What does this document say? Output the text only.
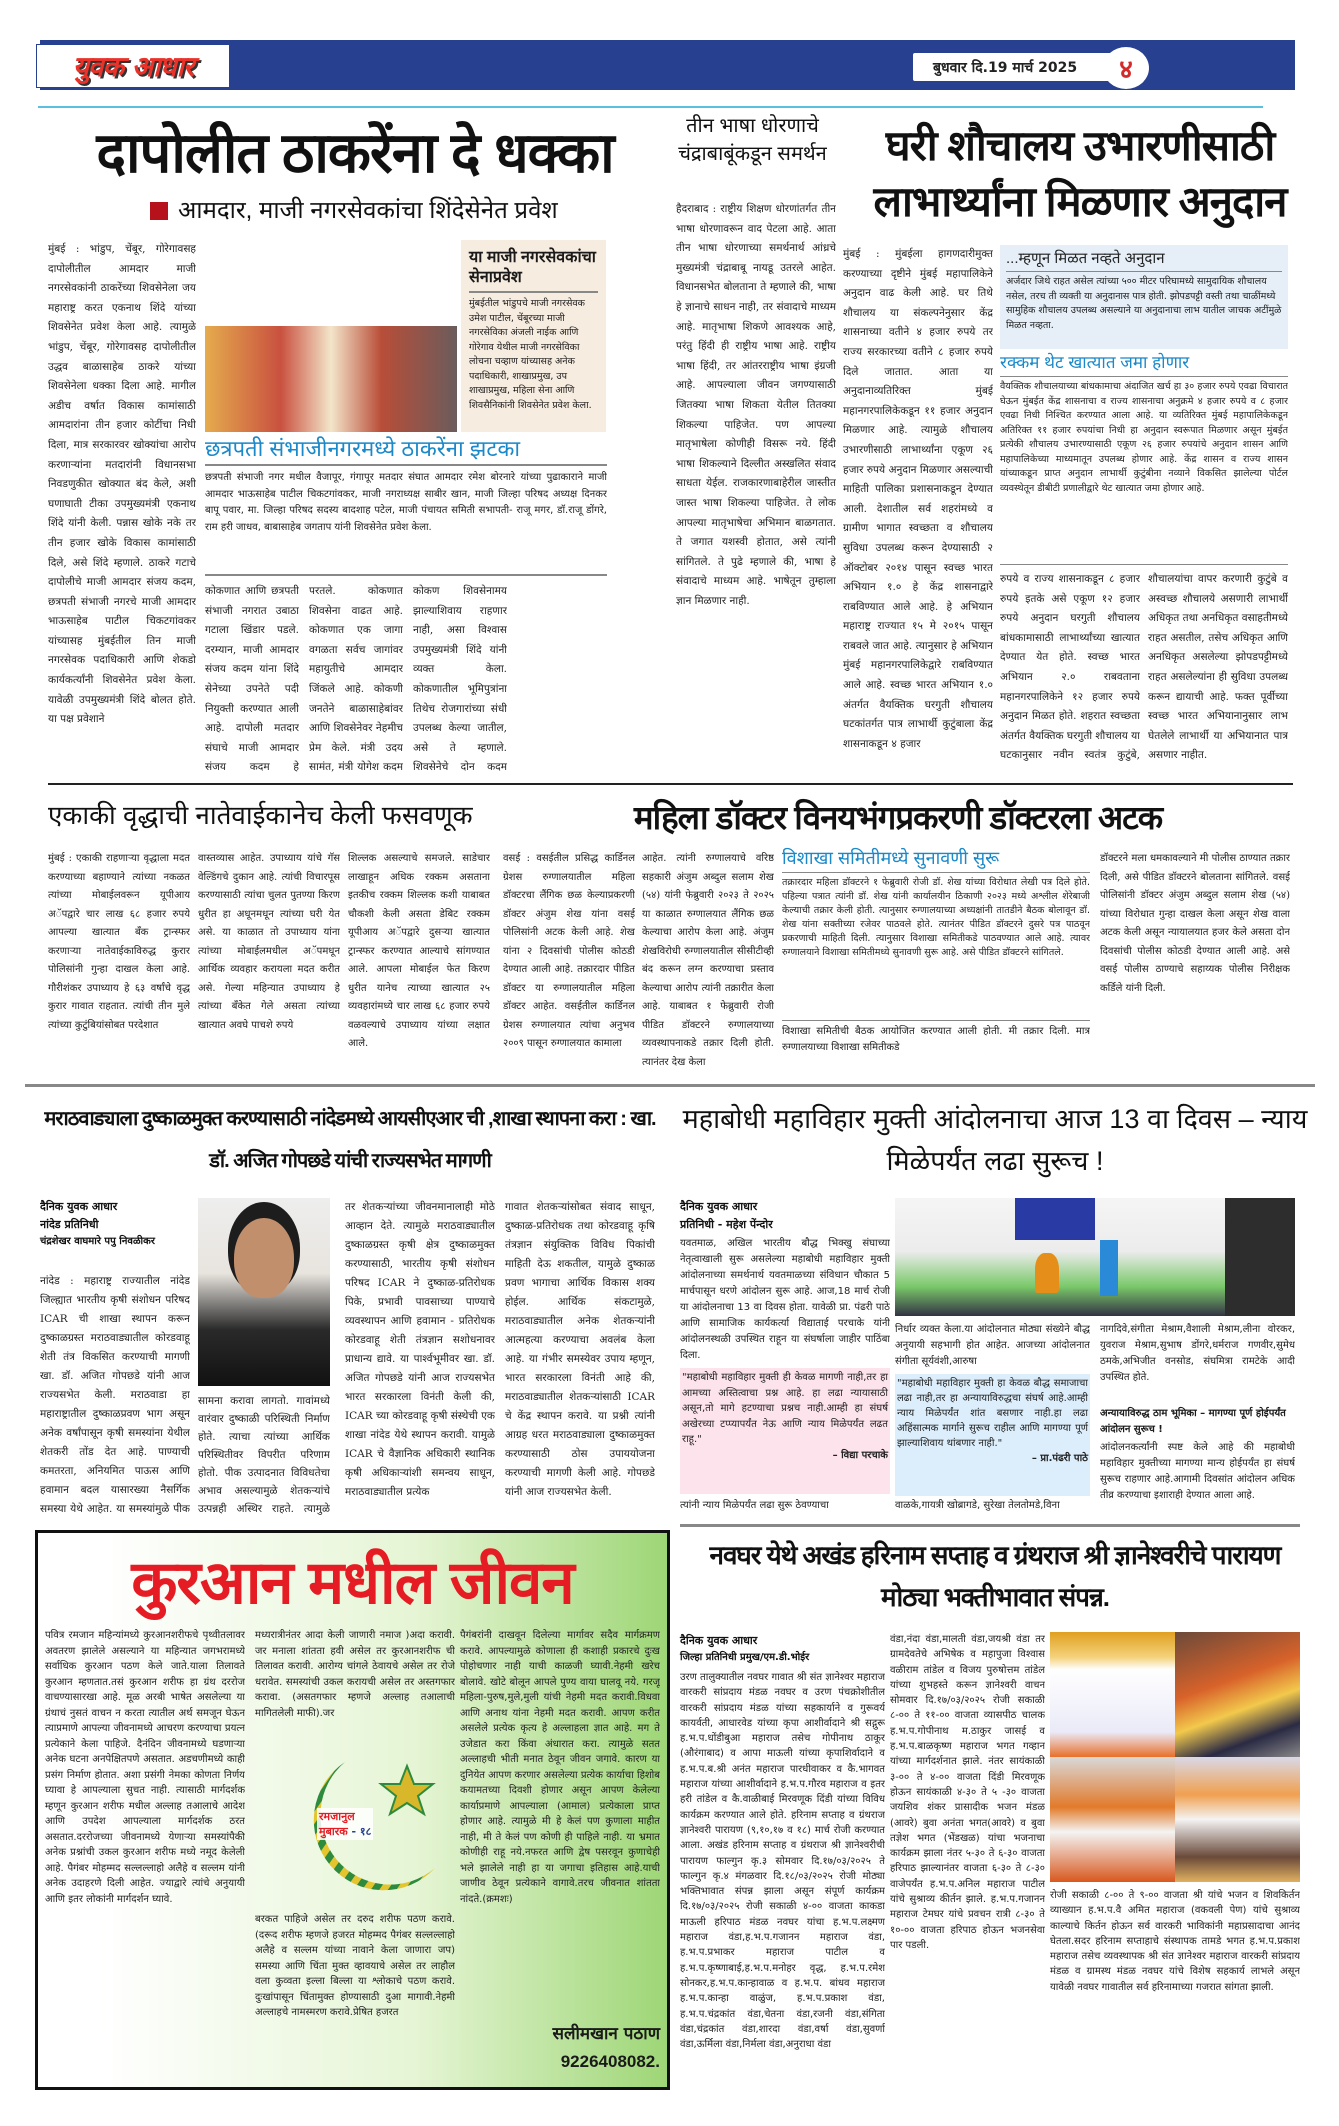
युवक आधार	बुधवार दि.19 मार्च 2025 ४
दापोलीत ठाकरेंना दे धक्का
आमदार, माजी नगरसेवकांचा शिंदेसेनेत प्रवेश
मुंबई : भांडुप, चेंबूर, गोरेगावसह दापोलीतील आमदार माजी नगरसेवकांनी ठाकरेंच्या शिवसेनेला जय महाराष्ट्र करत एकनाथ शिंदे यांच्या शिवसेनेत प्रवेश केला आहे. त्यामुळे भांडुप, चेंबूर, गोरेगावसह दापोलीतील उद्धव बाळासाहेब ठाकरे यांच्या शिवसेनेला धक्का दिला आहे. मागील अडीच वर्षात विकास कामांसाठी आमदारांना तीन हजार कोटींचा निधी दिला, मात्र सरकारवर खोक्यांचा आरोप करणाऱ्यांना मतदारांनी विधानसभा निवडणुकीत खोक्यात बंद केले, अशी घणाघाती टीका उपमुख्यमंत्री एकनाथ शिंदे यांनी केली. पन्नास खोके नके तर तीन हजार खोके विकास कामांसाठी दिले, असे शिंदे म्हणाले. ठाकरे गटाचे दापोलीचे माजी आमदार संजय कदम, छत्रपती संभाजी नगरचे माजी आमदार भाऊसाहेब पाटील चिकटगांवकर यांच्यासह मुंबईतील तिन माजी नगरसेवक पदाधिकारी आणि शेकडो कार्यकर्त्यांनी शिवसेनेत प्रवेश केला. यावेळी उपमुख्यमंत्री शिंदे बोलत होते. या पक्ष प्रवेशाने
या माजी नगरसेवकांचा सेनाप्रवेश
मुंबईतील भांडुपचे माजी नगरसेवक उमेश पाटील, चेंबूरच्या माजी नगरसेविका अंजली नाईक आणि गोरेगाव येथील माजी नगरसेविका लोचना चव्हाण यांच्यासह अनेक पदाधिकारी, शाखाप्रमुख, उप शाखाप्रमुख, महिला सेना आणि शिवसैनिकांनी शिवसेनेत प्रवेश केला.
छत्रपती संभाजीनगरमध्ये ठाकरेंना झटका
छत्रपती संभाजी नगर मधील वैजापूर, गंगापूर मतदार संघात आमदार रमेश बोरनारे यांच्या पुढाकाराने माजी आमदार भाऊसाहेब पाटील चिकटगांवकर, माजी नगराध्यक्ष साबीर खान, माजी जिल्हा परिषद अध्यक्ष दिनकर बापू पवार, मा. जिल्हा परिषद सदस्य बादशाह पटेल, माजी पंचायत समिती सभापती- राजू मगर, डॉ.राजू डोंगरे, राम हरी जाधव, बाबासाहेब जगताप यांनी शिवसेनेत प्रवेश केला.
कोकणात आणि छत्रपती संभाजी नगरात उबाठा गटाला खिंडार पडले. दरम्यान, माजी आमदार संजय कदम यांना शिंदे सेनेच्या उपनेते पदी नियुक्ती करण्यात आली आहे. दापोली मतदार संघाचे माजी आमदार संजय कदम हे
परतले. कोकणात शिवसेना वाढत आहे. कोकणात एक जागा वगळता सर्वच जागांवर महायुतीचे आमदार जिंकले आहे. कोकणी जनतेने बाळासाहेबांवर आणि शिवसेनेवर नेहमीच प्रेम केले. मंत्री उदय सामंत, मंत्री योगेश कदम
कोकण शिवसेनामय झाल्याशिवाय राहणार नाही, असा विश्वास उपमुख्यमंत्री शिंदे यांनी व्यक्त केला. कोकणातील भूमिपुत्रांना तिथेच रोजगारांच्या संधी उपलब्ध केल्या जातील, असे ते म्हणाले. शिवसेनेचे दोन कदम
तीन भाषा धोरणाचे चंद्राबाबूंकडून समर्थन
हैदराबाद : राष्ट्रीय शिक्षण धोरणांतर्गत तीन भाषा धोरणावरून वाद पेटला आहे. आता तीन भाषा धोरणाच्या समर्थनार्थ आंध्रचे मुख्यमंत्री चंद्राबाबू नायडू उतरले आहेत. विधानसभेत बोलताना ते म्हणाले की, भाषा हे ज्ञानाचे साधन नाही, तर संवादाचे माध्यम आहे. मातृभाषा शिकणे आवश्यक आहे, परंतु हिंदी ही राष्ट्रीय भाषा आहे. राष्ट्रीय भाषा हिंदी, तर आंतरराष्ट्रीय भाषा इंग्रजी आहे. आपल्याला जीवन जगण्यासाठी जितक्या भाषा शिकता येतील तितक्या शिकल्या पाहिजेत. पण आपल्या मातृभाषेला कोणीही विसरू नये. हिंदी भाषा शिकल्याने दिल्लीत अस्खलित संवाद साधता येईल. राजकारणाबाहेरील जास्तीत जास्त भाषा शिकल्या पाहिजेत. ते लोक आपल्या मातृभाषेचा अभिमान बाळगतात. ते जगात यशस्वी होतात, असे त्यांनी सांगितले. ते पुढे म्हणाले की, भाषा हे संवादाचे माध्यम आहे. भाषेतून तुम्हाला ज्ञान मिळणार नाही.
घरी शौचालय उभारणीसाठी लाभार्थ्यांना मिळणार अनुदान
मुंबई : मुंबईला हागणदारीमुक्त करण्याच्या दृष्टीने मुंबई महापालिकेने अनुदान वाढ केली आहे. घर तिथे शौचालय या संकल्पनेनुसार केंद्र शासनाच्या वतीने ४ हजार रुपये तर राज्य सरकारच्या वतीने ८ हजार रुपये दिले जातात. आता या अनुदानाव्यतिरिक्त मुंबई महानगरपालिकेकडून ११ हजार अनुदान मिळणार आहे. त्यामुळे शौचालय उभारणीसाठी लाभार्थ्यांना एकूण २६ हजार रुपये अनुदान मिळणार असल्याची माहिती पालिका प्रशासनाकडून देण्यात आली. देशातील सर्व शहरांमध्ये व ग्रामीण भागात स्वच्छता व शौचालय सुविधा उपलब्ध करून देण्यासाठी २ ऑक्टोबर २०१४ पासून स्वच्छ भारत अभियान १.० हे केंद्र शासनाद्वारे राबविण्यात आले आहे. हे अभियान महाराष्ट्र राज्यात १५ मे २०१५ पासून राबवले जात आहे. त्यानुसार हे अभियान मुंबई महानगरपालिकेद्वारे राबविण्यात आले आहे. स्वच्छ भारत अभियान १.० अंतर्गत वैयक्तिक घरगुती शौचालय घटकांतर्गत पात्र लाभार्थी कुटुंबाला केंद्र शासनाकडून ४ हजार
...म्हणून मिळत नव्हते अनुदान
अर्जदार जिथे राहत असेल त्यांच्या ५०० मीटर परिघामध्ये सामुदायिक शौचालय नसेल, तरच ती व्यक्ती या अनुदानास पात्र होती. झोपडपट्टी वस्ती तथा चाळींमध्ये सामुहिक शौचालय उपलब्ध असल्याने या अनुदानाचा लाभ यातील जाचक अटींमुळे मिळत नव्हता.
रक्कम थेट खात्यात जमा होणार
वैयक्तिक शौचालयाच्या बांधकामाचा अंदाजित खर्च हा ३० हजार रुपये एवढा विचारात घेऊन मुंबईत केंद्र शासनाचा व राज्य शासनाचा अनुक्रमे ४ हजार रुपये व ८ हजार एवढा निधी निश्चित करण्यात आला आहे. या व्यतिरिक्त मुंबई महापालिकेकडून अतिरिक्त ११ हजार रुपयांचा निधी हा अनुदान स्वरूपात मिळणार असून मुंबईत प्रत्येकी शौचालय उभारण्यासाठी एकूण २६ हजार रुपयांचे अनुदान शासन आणि महापालिकेच्या माध्यमातून उपलब्ध होणार आहे. केंद्र शासन व राज्य शासन यांच्याकडून प्राप्त अनुदान लाभार्थी कुटुंबीना नव्याने विकसित झालेल्या पोर्टल व्यवस्थेतून डीबीटी प्रणालीद्वारे थेट खात्यात जमा होणार आहे.
रुपये व राज्य शासनाकडून ८ हजार रुपये इतके असे एकूण १२ हजार रुपये अनुदान घरगुती शौचालय बांधकामासाठी लाभार्थ्यांच्या खात्यात देण्यात येत होते. स्वच्छ भारत अभियान २.० राबवताना महानगरपालिकेने १२ हजार रुपये अनुदान मिळत होते. शहरात स्वच्छता अंतर्गत वैयक्तिक घरगुती शौचालय या घटकानुसार नवीन स्वतंत्र कुटुंबे,
शौचालयांचा वापर करणारी कुटुंबे व अस्वच्छ शौचालये असणारी लाभार्थी अधिकृत तथा अनधिकृत वसाहतीमध्ये राहत असतील, तसेच अधिकृत आणि अनधिकृत असलेल्या झोपडपट्टीमध्ये राहत असलेल्यांना ही सुविधा उपलब्ध करून द्यायाची आहे. फक्त पूर्वीच्या स्वच्छ भारत अभियानानुसार लाभ घेतलेले लाभार्थी या अभियानात पात्र असणार नाहीत.
एकाकी वृद्धाची नातेवाईकानेच केली फसवणूक
मुंबई : एकाकी राहणाऱ्या वृद्धाला मदत करण्याच्या बहाण्याने त्यांच्या नकळत त्यांच्या मोबाईलवरून यूपीआय अॅपद्वारे चार लाख ६८ हजार रुपये आपल्या खात्यात बँक ट्रान्स्फर करणाऱ्या नातेवाईकाविरुद्ध कुरार पोलिसांनी गुन्हा दाखल केला आहे. गौरीशंकर उपाध्याय हे ६३ वर्षांचे वृद्ध कुरार गावात राहतात. त्यांची तीन मुले त्यांच्या कुटुंबियांसोबत परदेशात
वास्तव्यास आहेत. उपाध्याय यांचे गॅस वेल्डिंगचे दुकान आहे. त्यांची विचारपूस करण्यासाठी त्यांचा चुलत पुतण्या किरण धुरीत हा अधूनमधून त्यांच्या घरी येत असे. या काळात तो उपाध्याय यांना त्यांच्या मोबाईलमधील अॅपमधून आर्थिक व्यवहार करायला मदत करीत असे. गेल्या महिन्यात उपाध्याय हे त्यांच्या बँकेत गेले असता त्यांच्या खात्यात अवघे पाचशे रुपये
शिल्लक असल्याचे समजले. साडेचार लाखाहून अधिक रक्कम असताना इतकीच रक्कम शिल्लक कशी याबाबत चौकशी केली असता डेबिट रक्कम यूपीआय अॅपद्वारे दुसऱ्या खात्यात ट्रान्स्फर करण्यात आल्याचे सांगण्यात आले. आपला मोबाईल फेत किरण धुरीत यानेच त्याच्या खात्यात २५ व्यवहारांमध्ये चार लाख ६८ हजार रुपये वळवल्याचे उपाध्याय यांच्या लक्षात आले.
महिला डॉक्टर विनयभंगप्रकरणी डॉक्टरला अटक
वसई : वसईतील प्रसिद्ध कार्डिनल ग्रेशस रुग्णालयातील महिला डॉक्टरचा लैंगिक छळ केल्याप्रकरणी डॉक्टर अंजुम शेख यांना वसई पोलिसांनी अटक केली आहे. शेख यांना २ दिवसांची पोलीस कोठडी देण्यात आली आहे. तक्रारदार पीडित डॉक्टर या रुग्णालयातील महिला डॉक्टर आहेत. वसईतील कार्डिनल ग्रेशस रुग्णालयात त्यांचा अनुभव २००९ पासून रुग्णालयात कामाला
आहेत. त्यांनी रुग्णालयाचे वरिष्ठ सहकारी अंजुम अब्दुल सलाम शेख (५४) यांनी फेब्रुवारी २०२३ ते २०२५ या काळात रुग्णालयात लैंगिक छळ केल्याचा आरोप केला आहे. अंजुम शेखविरोधी रुग्णालयातील सीसीटीव्ही बंद करून लग्न करण्याचा प्रस्ताव केल्याचा आरोप त्यांनी तक्रारीत केला आहे. याबाबत १ फेब्रुवारी रोजी पीडित डॉक्टरने रुग्णालयाच्या व्यवस्थापनाकडे तक्रार दिली होती. त्यानंतर देख केला
विशाखा समितीमध्ये सुनावणी सुरू
तक्रारदार महिला डॉक्टरने १ फेब्रुवारी रोजी डॉ. शेख यांच्या विरोधात लेखी पत्र दिले होते. पहिल्या पत्रात त्यांनी डॉ. शेख यांनी कार्यालयीन ठिकाणी २०२३ मध्ये अश्लील शेरेबाजी केल्याची तक्रार केली होती. त्यानुसार रुग्णालयाच्या अध्यक्षांनी तातडीने बैठक बोलावून डॉ. शेख यांना सक्तीच्या रजेवर पाठवले होते. त्यानंतर पीडित डॉक्टरने दुसरे पत्र पाठवून प्रकरणाची माहिती दिली. त्यानुसार विशाखा समितीकडे पाठवण्यात आले आहे. त्यावर रुग्णालयाने विशाखा समितीमध्ये सुनावणी सुरू आहे. असे पीडित डॉक्टरने सांगितले.
विशाखा समितीची बैठक आयोजित करण्यात आली होती. मी तक्रार दिली. मात्र रुग्णालयाच्या विशाखा समितीकडे
डॉक्टरने मला धमकावल्याने मी पोलीस ठाण्यात तक्रार दिली, असे पीडित डॉक्टरने बोलताना सांगितले. वसई पोलिसांनी डॉक्टर अंजुम अब्दुल सलाम शेख (५४) यांच्या विरोधात गुन्हा दाखल केला असून शेख वाला अटक केली असून न्यायालयात हजर केले असता दोन दिवसांची पोलीस कोठडी देण्यात आली आहे. असे वसई पोलीस ठाण्याचे सहाय्यक पोलीस निरीक्षक कर्डिले यांनी दिली.
मराठवाड्याला दुष्काळमुक्त करण्यासाठी नांदेडमध्ये आयसीएआर ची ,शाखा स्थापना करा : खा. डॉ. अजित गोपछडे यांची राज्यसभेत मागणी
दैनिक युवक आधार
नांदेड प्रतिनिधी
चंद्रशेखर वाघमारे पपु निवळीकर
नांदेड : महाराष्ट्र राज्यातील नांदेड जिल्ह्यात भारतीय कृषी संशोधन परिषद ICAR ची शाखा स्थापन करून दुष्काळग्रस्त मराठवाड्यातील कोरडवाहू शेती तंत्र विकसित करण्याची मागणी खा. डॉ. अजित गोपछडे यांनी आज राज्यसभेत केली. मराठवाडा हा महाराष्ट्रातील दुष्काळप्रवण भाग असून अनेक वर्षांपासून कृषी समस्यांना येथील शेतकरी तोंड देत आहे. पाण्याची कमतरता, अनियमित पाऊस आणि हवामान बदल यासारख्या नैसर्गिक समस्या येथे आहेत. या समस्यांमुळे पीक
सामना करावा लागतो. गावांमध्ये वारंवार दुष्काळी परिस्थिती निर्माण होते. त्याचा त्यांच्या आर्थिक परिस्थितीवर विपरीत परिणाम होतो. पीक उत्पादनात विविधतेचा अभाव असल्यामुळे शेतकऱ्यांचे उत्पन्नही अस्थिर राहते. त्यामुळे
तर शेतकऱ्यांच्या जीवनमानालाही मोठे आव्हान देते. त्यामुळे मराठवाड्यातील दुष्काळग्रस्त कृषी क्षेत्र दुष्काळमुक्त करण्यासाठी, भारतीय कृषी संशोधन परिषद ICAR ने दुष्काळ-प्रतिरोधक पिके, प्रभावी पावसाच्या पाण्याचे व्यवस्थापन आणि हवामान - प्रतिरोधक कोरडवाहू शेती तंत्रज्ञान सशोधनावर प्राधान्य द्यावे. या पार्श्वभूमीवर खा. डॉ. अजित गोपछडे यांनी आज राज्यसभेत भारत सरकारला विनंती केली की, ICAR च्या कोरडवाहू कृषी संस्थेची एक शाखा नांदेड येथे स्थापन करावी. यामुळे ICAR चे वैज्ञानिक अधिकारी स्थानिक कृषी अधिकाऱ्यांशी समन्वय साधून, मराठवाड्यातील प्रत्येक
गावात शेतकऱ्यांसोबत संवाद साधून, दुष्काळ-प्रतिरोधक तथा कोरडवाहू कृषि तंत्रज्ञान संयुक्तिक विविध पिकांची माहिती देऊ शकतील, यामुळे दुष्काळ प्रवण भागाचा आर्थिक विकास शक्य होईल. आर्थिक संकटामुळे, मराठवाड्यातील अनेक शेतकऱ्यांनी आत्महत्या करण्याचा अवलंब केला आहे. या गंभीर समस्येवर उपाय म्हणून, भारत सरकारला विनंती आहे की, मराठवाड्यातील शेतकऱ्यांसाठी ICAR चे केंद्र स्थापन करावे. या प्रश्नी त्यांनी आग्रह धरत मराठवाड्याला दुष्काळमुक्त करण्यासाठी ठोस उपाययोजना करण्याची मागणी केली आहे. गोपछडे यांनी आज राज्यसभेत केली.
महाबोधी महाविहार मुक्ती आंदोलनाचा आज 13 वा दिवस – न्याय मिळेपर्यंत लढा सुरूच !
दैनिक युवक आधार
प्रतिनिधी - महेश पेंन्दोर
यवतमाळ, अखिल भारतीय बौद्ध भिक्खु संघाच्या नेतृत्वाखाली सुरू असलेल्या महाबोधी महाविहार मुक्ती आंदोलनाच्या समर्थनार्थ यवतमाळच्या संविधान चौकात 5 मार्चपासून धरणे आंदोलन सुरू आहे. आज,18 मार्च रोजी या आंदोलनाचा 13 वा दिवस होता. यावेळी प्रा. पंढरी पाठे आणि सामाजिक कार्यकर्त्या विद्याताई परचाके यांनी आंदोलनस्थळी उपस्थित राहून या संघर्षाला जाहीर पाठिंबा दिला.
"महाबोधी महाविहार मुक्ती ही केवळ मागणी नाही,तर हा आमच्या अस्तित्वाचा प्रश्न आहे. हा लढा न्यायासाठी असून,तो मागे हटण्याचा प्रश्नच नाही.आम्ही हा संघर्ष अखेरच्या टप्प्यापर्यंत नेऊ आणि न्याय मिळेपर्यंत लढत राहू."
– विद्या परचाके
त्यांनी न्याय मिळेपर्यंत लढा सुरू ठेवण्याचा
निर्धार व्यक्त केला.या आंदोलनात मोठ्या संख्येने बौद्ध अनुयायी सहभागी होत आहेत. आजच्या आंदोलनात संगीता सूर्यवंशी,आरुषा
"महाबोधी महाविहार मुक्ती हा केवळ बौद्ध समाजाचा लढा नाही,तर हा अन्यायाविरुद्धचा संघर्ष आहे.आम्ही न्याय मिळेपर्यंत शांत बसणार नाही.हा लढा अहिंसात्मक मार्गाने सुरूच राहील आणि मागण्या पूर्ण झाल्याशिवाय थांबणार नाही."
– प्रा.पंढरी पाठे
वाळके,गायत्री खोब्रागडे, सुरेखा तेलतोमडे,विना
नागदिवे,संगीता मेश्राम,वैशाली मेश्राम,लीना वोरकर, युवराज मेश्राम,सुभाष डोंगरे,धर्मराज गणवीर,सुमेध ठमके,अभिजीत वनसोड, संघमित्रा रामटेके आदी उपस्थित होते.
अन्यायाविरुद्ध ठाम भूमिका – मागण्या पूर्ण होईपर्यंत आंदोलन सुरूच !
आंदोलनकर्त्यांनी स्पष्ट केले आहे की महाबोधी महाविहार मुक्तीच्या मागण्या मान्य होईपर्यंत हा संघर्ष सुरूच राहणार आहे.आगामी दिवसांत आंदोलन अधिक तीव्र करण्याचा इशाराही देण्यात आला आहे.
कुरआन मधील जीवन
पवित्र रमजान महिन्यांमध्ये कुरआनशरीफचे पृथ्वीतलावर अवतरण झालेले असल्याने या महिन्यात जगभरामध्ये सर्वाधिक कुरआन पठण केले जाते.याला तिलावते कुरआन म्हणतात.तसं कुरआन शरीफ हा ग्रंथ दररोज वाचण्यासारखा आहे. मूळ अरबी भाषेत असलेल्या या ग्रंथाचं नुसतं वाचन न करता त्यातील अर्थ समजून घेऊन त्याप्रमाणे आपल्या जीवनामध्ये आचरण करण्याचा प्रयत्न प्रत्येकाने केला पाहिजे. दैनंदिन जीवनामध्ये घडणाऱ्या अनेक घटना अनपेक्षितपणे असतात. अडचणीमध्ये काही प्रसंग निर्माण होतात. अशा प्रसंगी नेमका कोणता निर्णय घ्यावा हे आपल्याला सुचत नाही. त्यासाठी मार्गदर्शक म्हणून कुरआन शरीफ मधील अल्लाह तआलाचे आदेश आणि उपदेश आपल्याला मार्गदर्शक ठरत असतात.दररोजच्या जीवनामध्ये येणाऱ्या समस्यांपैकी अनेक प्रश्नांची उकल कुरआन शरीफ मध्ये नमूद केलेली आहे. पैगंबर मोहम्मद सल्लल्लाहो अलैहे व सल्लम यांनी अनेक उदाहरणे दिली आहेत. ज्याद्वारे त्यांचे अनुयायी आणि इतर लोकांनी मार्गदर्शन घ्यावे.
मध्यरात्रीनंतर आदा केली जाणारी नमाज )अदा करावी. जर मनाला शांतता हवी असेल तर कुरआनशरीफ ची तिलावत करावी. आरोग्य चांगले ठेवायचे असेल तर रोजे धरावेत. समस्यांची उकल करायची असेल तर अस्तगफार करावा. (असतगफार म्हणजे अल्लाह तआलाची मागितलेली माफी).जर
रमजानुल
मुबारक - १८
बरकत पाहिजे असेल तर दरुद शरीफ पठण करावे.(दरूद शरीफ म्हणजे हजरत मोहम्मद पैगंबर सल्लल्लाहो अलैहे व सल्लम यांच्या नावाने केला जाणारा जप) समस्या आणि चिंता मुक्त व्हावयाचे असेल तर लाहौल वला कुव्वता इल्ला बिल्ला या श्लोकाचे पठण करावे. दुःखांपासून चिंतामुक्त होण्यासाठी दुआ मागावी.नेहमी अल्लाहचे नामस्मरण करावे.प्रेषित हजरत
पैगंबरांनी दाखवून दिलेल्या मार्गावर सदैव मार्गक्रमण करावे. आपल्यामुळे कोणाला ही कशाही प्रकारचे दुःख पोहोचणार नाही याची काळजी घ्यावी.नेहमी खरेच बोलावे. खोटे बोलून आपले पुण्य वाया घालवू नये. गरजू महिला-पुरुष,मुले,मुली यांची नेहमी मदत करावी.विधवा आणि अनाथ यांना नेहमी मदत करावी. आपण करीत असलेले प्रत्येक कृत्य हे अल्लाहला ज्ञात आहे. मग ते उजेडात करा किंवा अंधारात करा. त्यामुळे सतत अल्लाहची भीती मनात ठेवून जीवन जगावे. कारण या दुनियेत आपण करणार असलेल्या प्रत्येक कार्याचा हिशोब कयामतच्या दिवशी होणार असून आपण केलेल्या कार्याप्रमाणे आपल्याला (आमाल) प्रत्येकाला प्राप्त होणार आहे. त्यामुळे मी हे केलं पण कुणाला माहीत नाही, मी ते केलं पण कोणी ही पाहिले नाही. या भ्रमात कोणीही राहू नये.नफरत आणि द्वेष पसरवून कुणाचेही भले झालेले नाही हा या जगाचा इतिहास आहे.याची जाणीव ठेवून प्रत्येकाने वागावे.तरच जीवनात शांतता नांदते.(क्रमशः)
सलीमखान पठाण
9226408082.
नवघर येथे अखंड हरिनाम सप्ताह व ग्रंथराज श्री ज्ञानेश्वरीचे पारायण मोठ्या भक्तीभावात संपन्न.
दैनिक युवक आधार
जिल्हा प्रतिनिधी प्रमुख/एम.डी.भोईर
उरण तालुक्यातील नवघर गावात श्री संत ज्ञानेश्वर महाराज वारकरी सांप्रदाय मंडळ नवघर व उरण पंचक्रोशीतील वारकरी सांप्रदाय मंडळ यांच्या सहकार्याने व गुरूवर्य कायर्वती, आधारवेड यांच्या कृपा आशीर्वादाने श्री सद्गुरू ह.भ.प.धोंडीबुआ महाराज तसेच गोपीनाथ ठाकूर (औरंगाबाद) व आपा माऊली यांच्या कृपाशिर्वादाने व ह.भ.प.ब.श्री अनंत महाराज पारधीवाकर व कै.भागवत महाराज यांच्या आशीर्वादाने ह.भ.प.गौरव महाराज व इतर हरी तांडेल व कै.वाळीबाई मिरवणूक दिंडी यांच्या विविध कार्यक्रम करण्यात आले होते. हरिनाम सप्ताह व ग्रंथराज ज्ञानेश्वरी पारायण (९,१०,१७ व १८) मार्च रोजी करण्यात आला. अखंड हरिनाम सप्ताह व ग्रंथराज श्री ज्ञानेश्वरीची पारायण फाल्गुन कृ.३ सोमवार दि.१७/०३/२०२५ ते फाल्गुन कृ.४ मंगळवार दि.१८/०३/२०२५ रोजी मोठ्या भक्तिभावात संपन्न झाला असून संपूर्ण कार्यक्रम दि.१७/०३/२०२५ रोजी सकाळी ४-०० वाजता काकडा माऊली हरिपाठ मंडळ नवघर यांचा ह.भ.प.लक्ष्मण महाराज वंडा,ह.भ.प.गजानन महाराज वंडा, ह.भ.प.प्रभाकर महाराज पाटील व ह.भ.प.कृष्णाबाई,ह.भ.प.मनोहर वृद्ध, ह.भ.प.रमेश सोनकर,ह.भ.प.कान्हावाळ व ह.भ.प. बांधव महाराज ह.भ.प.कान्हा वाळुंज, ह.भ.प.प्रकाश वंडा, ह.भ.प.चंद्रकांत वंडा,चेतना वंडा,रजनी वंडा,संगिता वंडा,चंद्रकांत वंडा,शारदा वंडा,वर्षा वंडा,सुवर्णा वंडा,ऊर्मिला वंडा,निर्मला वंडा,अनुराधा वंडा
वंडा,नंदा वंडा,मालती वंडा,जयश्री वंडा तर ग्रामदेवतेचे अभिषेक व महापुजा विश्वास वळीराम तांडेल व विजय पुरुषोत्तम तांडेल यांच्या शुभहस्ते करून ज्ञानेश्वरी वाचन सोमवार दि.१७/०३/२०२५ रोजी सकाळी ८-०० ते ११-०० वाजता व्यासपीठ चालक ह.भ.प.गोपीनाथ म.ठाकुर जासई व ह.भ.प.बाळकृष्ण महाराज भगत गव्हान यांच्या मार्गदर्शनात झाले. नंतर सायंकाळी ३-०० ते ४-०० वाजता दिंडी मिरवणूक होऊन सायंकाळी ४-३० ते ५ -३० वाजता जयशिव शंकर प्रासादीक भजन मंडळ (आवरे) बुवा अनंता भगत(आवरे) व बुवा तज्ञेश भगत (भेंडखळ) यांचा भजनाचा कार्यक्रम झाला नंतर ५-३० ते ६-३० वाजता हरिपाठ झाल्यानंतर वाजता ६-३० ते ८-३० वाजेपर्यंत ह.भ.प.अनिल महाराज पाटील यांचे सुश्राव्य कीर्तन झाले. ह.भ.प.गजानन महाराज टेमघर यांचे प्रवचन रात्री ८-३० ते १०-०० वाजता हरिपाठ होऊन भजनसेवा पार पडली.
रोजी सकाळी ८-०० ते ९-०० वाजता श्री यांचे भजन व शिवकिर्तन व्याख्यान ह.भ.प.वै अमित महाराज (वकवली पेण) यांचे सुश्राव्य काल्याचे किर्तन होऊन सर्व वारकरी भाविकांनी महाप्रसादाचा आनंद घेतला.सदर हरिनाम सप्ताहाचे संस्थापक तामडे भगत ह.भ.प.प्रकाश महाराज तसेच व्यवस्थापक श्री संत ज्ञानेश्वर महाराज वारकरी सांप्रदाय मंडळ व ग्रामस्थ मंडळ नवघर यांचे विशेष सहकार्य लाभले असून यावेळी नवघर गावातील सर्व हरिनामाच्या गजरात सांगता झाली.
